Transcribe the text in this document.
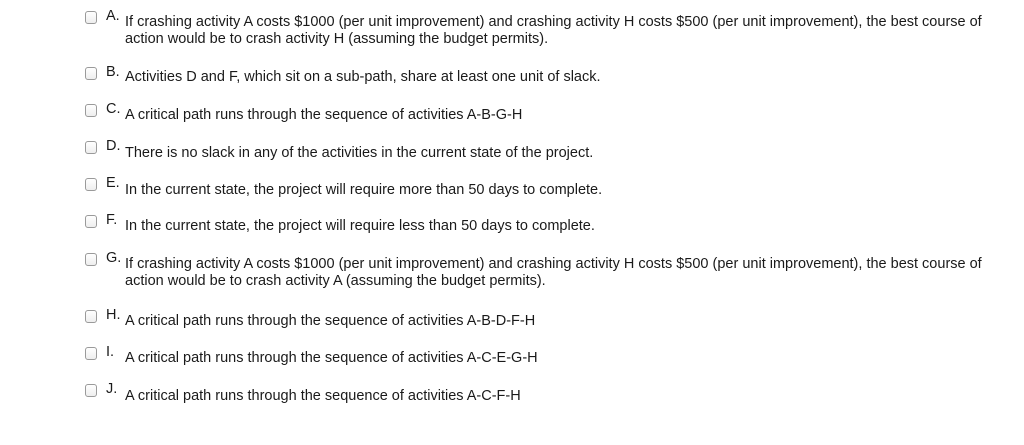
A. If crashing activity A costs $1000 (per unit improvement) and crashing activity H costs $500 (per unit improvement), the best course of action would be to crash activity H (assuming the budget permits).
B. Activities D and F, which sit on a sub-path, share at least one unit of slack.
C. A critical path runs through the sequence of activities A-B-G-H
D. There is no slack in any of the activities in the current state of the project.
E. In the current state, the project will require more than 50 days to complete.
F. In the current state, the project will require less than 50 days to complete.
G. If crashing activity A costs $1000 (per unit improvement) and crashing activity H costs $500 (per unit improvement), the best course of action would be to crash activity A (assuming the budget permits).
H. A critical path runs through the sequence of activities A-B-D-F-H
I. A critical path runs through the sequence of activities A-C-E-G-H
J. A critical path runs through the sequence of activities A-C-F-H
